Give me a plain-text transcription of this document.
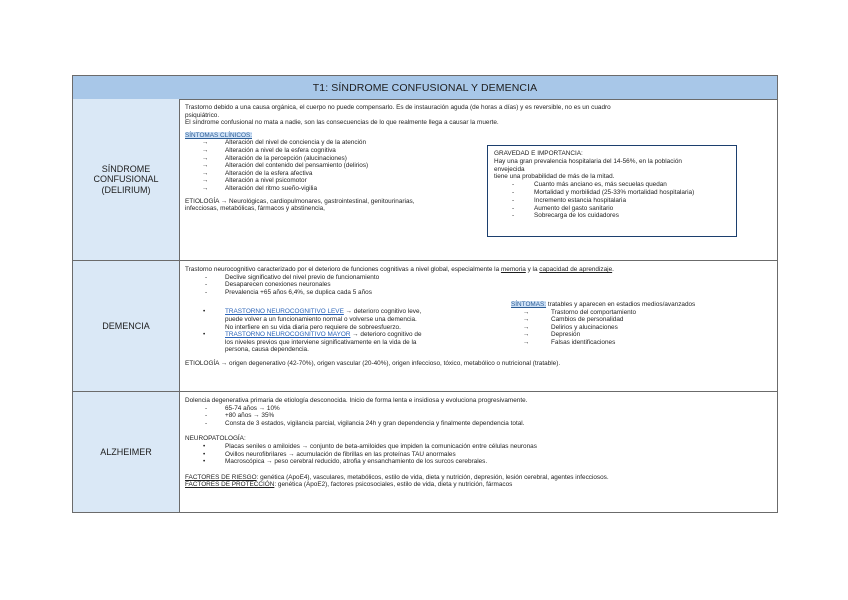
T1: SÍNDROME CONFUSIONAL Y DEMENCIA
SÍNDROME
CONFUSIONAL
(DELIRIUM)

Trastorno debido a una causa orgánica, el cuerpo no puede compensarlo. Es de instauración aguda (de horas a días) y es reversible, no es un cuadro

psiquiátrico.

El síndrome confusional no mata a nadie, son las consecuencias de lo que realmente llega a causar la muerte.

SÍNTOMAS CLÍNICOS:

→ Alteración del nivel de conciencia y de la atención
→ Alteración a nivel de la esfera cognitiva
→ Alteración de la percepción (alucinaciones)
→ Alteración del contenido del pensamiento (delirios)
→ Alteración de la esfera afectiva
→ Alteración a nivel psicomotor
→ Alteración del ritmo sueño-vigilia

ETIOLOGÍA → Neurológicas, cardiopulmonares, gastrointestinal, genitourinarias,

infecciosas, metabólicas, fármacos y abstinencia,

GRAVEDAD E IMPORTANCIA:

Hay una gran prevalencia hospitalaria del 14-56%, en la población

envejecida

tiene una probabilidad de más de la mitad.

- Cuanto más anciano es, más secuelas quedan
- Mortalidad y morbilidad (25-33% mortalidad hospitalaria)
- Incremento estancia hospitalaria
- Aumento del gasto sanitario
- Sobrecarga de los cuidadores
DEMENCIA

Trastorno neurocognitivo caracterizado por el deterioro de funciones cognitivas a nivel global, especialmente la memoria y la capacidad de aprendizaje.

- Declive significativo del nivel previo de funcionamiento
- Desaparecen conexiones neuronales
- Prevalencia +65 años 6,4%, se duplica cada 5 años
• TRASTORNO NEUROCOGNITIVO LEVE → deterioro cognitivo leve,
puede volver a un funcionamiento normal o volverse una demencia.
No interfiere en su vida diaria pero requiere de sobreesfuerzo.
• TRASTORNO NEUROCOGNITIVO MAYOR → deterioro cognitivo de
los niveles previos que interviene significativamente en la vida de la
persona, causa dependencia.

ETIOLOGÍA → origen degenerativo (42-70%), origen vascular (20-40%), origen infeccioso, tóxico, metabólico o nutricional (tratable).

SÍNTOMAS: tratables y aparecen en estadios medios/avanzados

→ Trastorno del comportamiento
→ Cambios de personalidad
→ Delirios y alucinaciones
→ Depresión
→ Falsas identificaciones
ALZHEIMER

Dolencia degenerativa primaria de etiología desconocida. Inicio de forma lenta e insidiosa y evoluciona progresivamente.

- 65-74 años → 10%
- +80 años → 35%
- Consta de 3 estados, vigilancia parcial, vigilancia 24h y gran dependencia y finalmente dependencia total.

NEUROPATOLOGÍA:

• Placas seniles o amiloides → conjunto de beta-amiloides que impiden la comunicación entre células neuronas
• Ovillos neurofibrilares → acumulación de fibrillas en las proteínas TAU anormales
• Macroscópica → peso cerebral reducido, atrofia y ensanchamiento de los surcos cerebrales.

FACTORES DE RIESGO: genética (ApoE4), vasculares, metabólicos, estilo de vida, dieta y nutrición, depresión, lesión cerebral, agentes infecciosos.

FACTORES DE PROTECCIÓN: genética (ApoE2), factores psicosociales, estilo de vida, dieta y nutrición, fármacos
